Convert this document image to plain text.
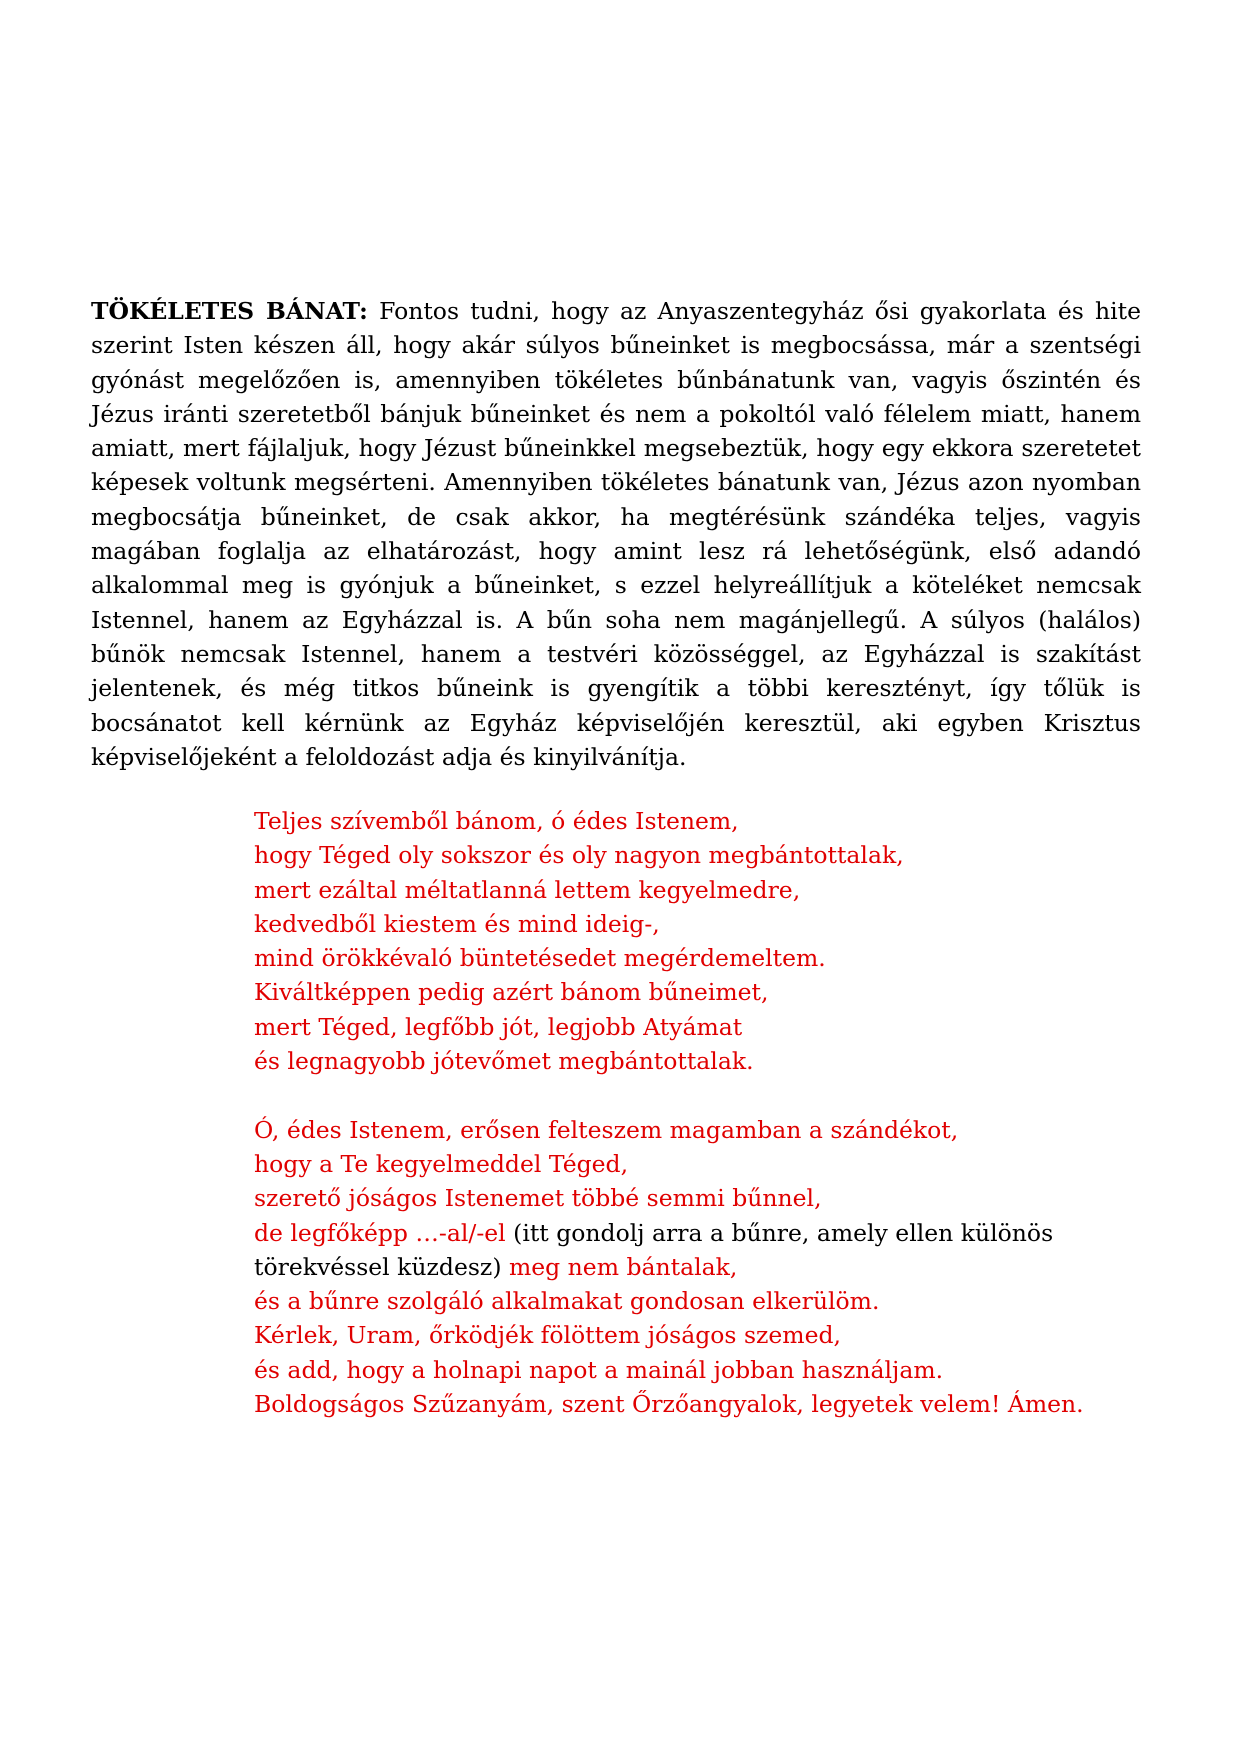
TÖKÉLETES BÁNAT: Fontos tudni, hogy az Anyaszentegyház ősi gyakorlata és hite szerint Isten készen áll, hogy akár súlyos bűneinket is megbocsássa, már a szentségi gyónást megelőzően is, amennyiben tökéletes bűnbánatunk van, vagyis őszintén és Jézus iránti szeretetből bánjuk bűneinket és nem a pokoltól való félelem miatt, hanem amiatt, mert fájlaljuk, hogy Jézust bűneinkkel megsebeztük, hogy egy ekkora szeretetet képesek voltunk megsérteni. Amennyiben tökéletes bánatunk van, Jézus azon nyomban megbocsátja bűneinket, de csak akkor, ha megtérésünk szándéka teljes, vagyis magában foglalja az elhatározást, hogy amint lesz rá lehetőségünk, első adandó alkalommal meg is gyónjuk a bűneinket, s ezzel helyreállítjuk a köteléket nemcsak Istennel, hanem az Egyházzal is. A bűn soha nem magánjellegű. A súlyos (halálos) bűnök nemcsak Istennel, hanem a testvéri közösséggel, az Egyházzal is szakítást jelentenek, és még titkos bűneink is gyengítik a többi keresztényt, így tőlük is bocsánatot kell kérnünk az Egyház képviselőjén keresztül, aki egyben Krisztus képviselőjeként a feloldozást adja és kinyilvánítja.

Teljes szívemből bánom, ó édes Istenem,
hogy Téged oly sokszor és oly nagyon megbántottalak,
mert ezáltal méltatlanná lettem kegyelmedre,
kedvedből kiestem és mind ideig-,
mind örökkévaló büntetésedet megérdemeltem.
Kiváltképpen pedig azért bánom bűneimet,
mert Téged, legfőbb jót, legjobb Atyámat
és legnagyobb jótevőmet megbántottalak.
Ó, édes Istenem, erősen felteszem magamban a szándékot,
hogy a Te kegyelmeddel Téged,
szerető jóságos Istenemet többé semmi bűnnel,
de legfőképp …-al/-el (itt gondolj arra a bűnre, amely ellen különös törekvéssel küzdesz) meg nem bántalak,
és a bűnre szolgáló alkalmakat gondosan elkerülöm.
Kérlek, Uram, őrködjék fölöttem jóságos szemed,
és add, hogy a holnapi napot a mainál jobban használjam.
Boldogságos Szűzanyám, szent Őrzőangyalok, legyetek velem! Ámen.
